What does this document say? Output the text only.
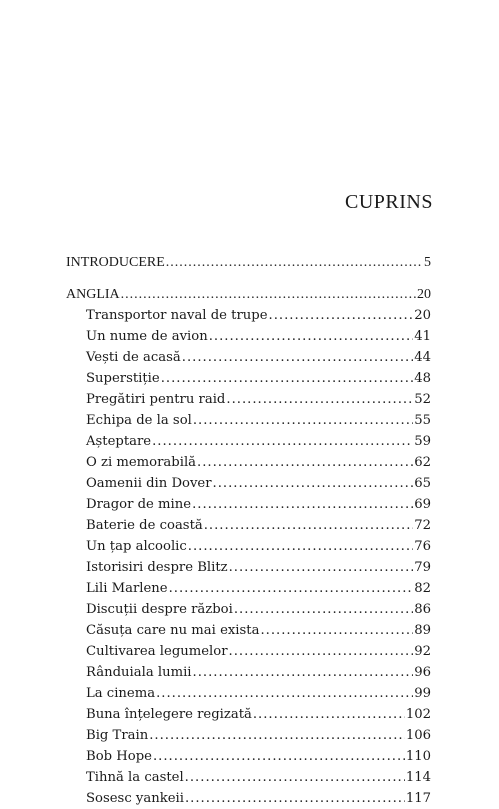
CUPRINS
INTRODUCERE .....	5
ANGLIA .....	20
Transportor naval de trupe .....	20
Un nume de avion .....	41
Vești de acasă .....	44
Superstiție .....	48
Pregătiri pentru raid .....	52
Echipa de la sol .....	55
Așteptare .....	59
O zi memorabilă .....	62
Oamenii din Dover .....	65
Dragor de mine .....	69
Baterie de coastă .....	72
Un țap alcoolic .....	76
Istorisiri despre Blitz .....	79
Lili Marlene .....	82
Discuții despre război .....	86
Căsuța care nu mai exista .....	89
Cultivarea legumelor .....	92
Rânduiala lumii .....	96
La cinema .....	99
Buna înțelegere regizată .....	102
Big Train .....	106
Bob Hope .....	110
Tihnă la castel .....	114
Sosesc yankeii .....	117
